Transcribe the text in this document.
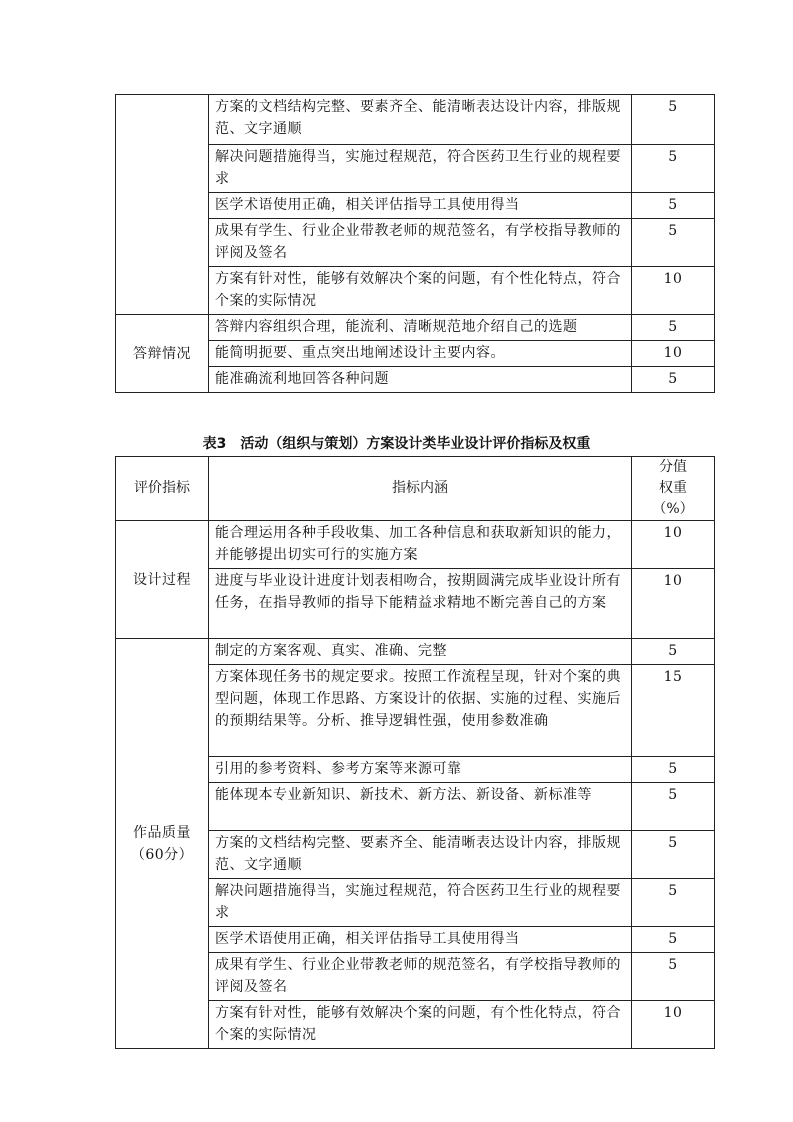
	方案的文档结构完整、要素齐全、能清晰表达设计内容，排版规范、文字通顺	5
	解决问题措施得当，实施过程规范，符合医药卫生行业的规程要求	5
	医学术语使用正确，相关评估指导工具使用得当	5
	成果有学生、行业企业带教老师的规范签名，有学校指导教师的评阅及签名	5
	方案有针对性，能够有效解决个案的问题，有个性化特点，符合个案的实际情况	10
答辩情况	答辩内容组织合理，能流利、清晰规范地介绍自己的选题	5
	能简明扼要、重点突出地阐述设计主要内容。	10
	能准确流利地回答各种问题	5
表3　活动（组织与策划）方案设计类毕业设计评价指标及权重
评价指标	指标内涵	分值
权重
（%）

设计过程	能合理运用各种手段收集、加工各种信息和获取新知识的能力，并能够提出切实可行的实施方案	10
	进度与毕业设计进度计划表相吻合，按期圆满完成毕业设计所有任务，在指导教师的指导下能精益求精地不断完善自己的方案	10

作品质量
（60分）	制定的方案客观、真实、准确、完整	5
	方案体现任务书的规定要求。按照工作流程呈现，针对个案的典型问题，体现工作思路、方案设计的依据、实施的过程、实施后的预期结果等。分析、推导逻辑性强，使用参数准确	15
	引用的参考资料、参考方案等来源可靠	5
	能体现本专业新知识、新技术、新方法、新设备、新标准等	5
	方案的文档结构完整、要素齐全、能清晰表达设计内容，排版规范、文字通顺	5
	解决问题措施得当，实施过程规范，符合医药卫生行业的规程要求	5
	医学术语使用正确，相关评估指导工具使用得当	5
	成果有学生、行业企业带教老师的规范签名，有学校指导教师的评阅及签名	5
	方案有针对性，能够有效解决个案的问题，有个性化特点，符合个案的实际情况	10
